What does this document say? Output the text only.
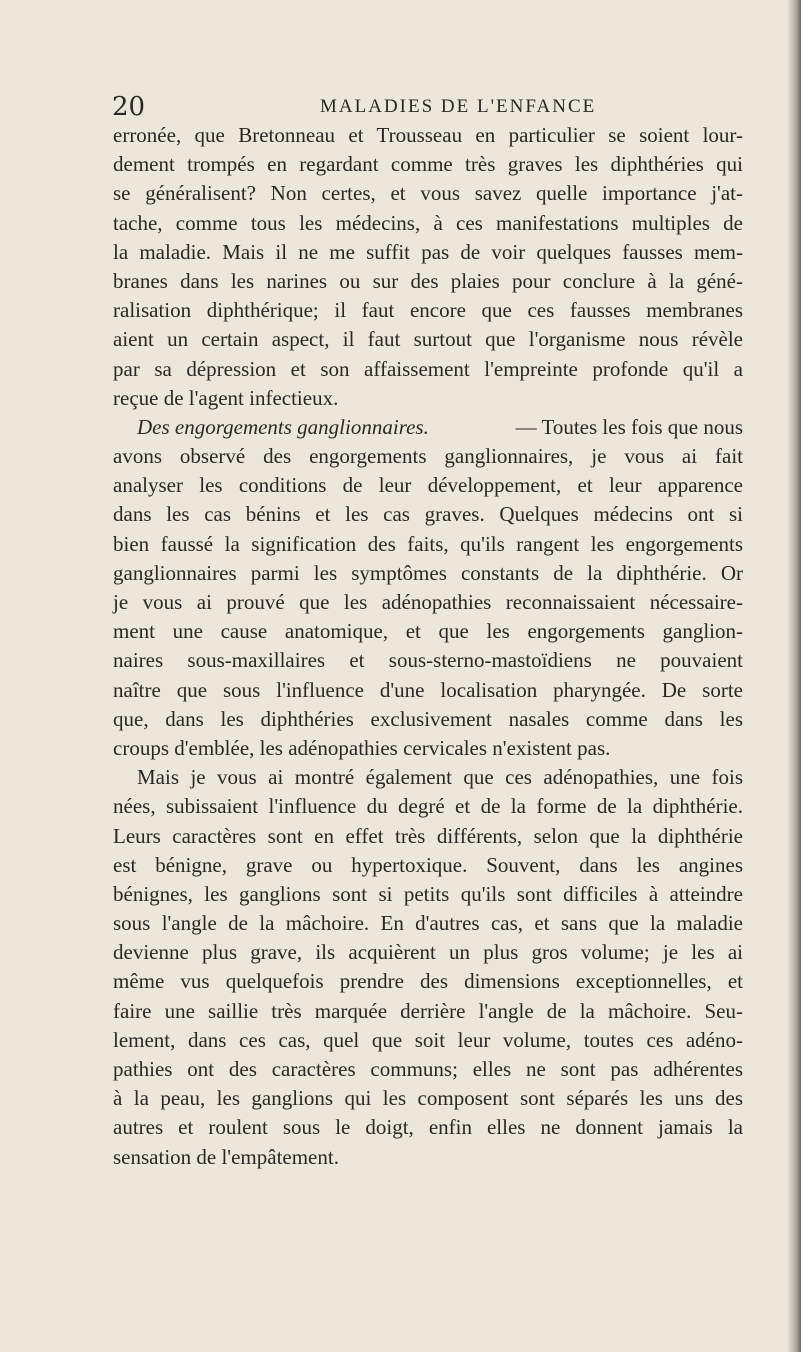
20	MALADIES DE L'ENFANCE
erronée, que Bretonneau et Trousseau en particulier se soient lour-
dement trompés en regardant comme très graves les diphthéries qui
se généralisent? Non certes, et vous savez quelle importance j'at-
tache, comme tous les médecins, à ces manifestations multiples de
la maladie. Mais il ne me suffit pas de voir quelques fausses mem-
branes dans les narines ou sur des plaies pour conclure à la géné-
ralisation diphthérique; il faut encore que ces fausses membranes
aient un certain aspect, il faut surtout que l'organisme nous révèle
par sa dépression et son affaissement l'empreinte profonde qu'il a
reçue de l'agent infectieux.
Des engorgements ganglionnaires.	— Toutes les fois que nous
avons observé des engorgements ganglionnaires, je vous ai fait
analyser les conditions de leur développement, et leur apparence
dans les cas bénins et les cas graves. Quelques médecins ont si
bien faussé la signification des faits, qu'ils rangent les engorgements
ganglionnaires parmi les symptômes constants de la diphthérie. Or
je vous ai prouvé que les adénopathies reconnaissaient nécessaire-
ment une cause anatomique, et que les engorgements ganglion-
naires sous-maxillaires et sous-sterno-mastoïdiens ne pouvaient
naître que sous l'influence d'une localisation pharyngée. De sorte
que, dans les diphthéries exclusivement nasales comme dans les
croups d'emblée, les adénopathies cervicales n'existent pas.
Mais je vous ai montré également que ces adénopathies, une fois
nées, subissaient l'influence du degré et de la forme de la diphthérie.
Leurs caractères sont en effet très différents, selon que la diphthérie
est bénigne, grave ou hypertoxique. Souvent, dans les angines
bénignes, les ganglions sont si petits qu'ils sont difficiles à atteindre
sous l'angle de la mâchoire. En d'autres cas, et sans que la maladie
devienne plus grave, ils acquièrent un plus gros volume; je les ai
même vus quelquefois prendre des dimensions exceptionnelles, et
faire une saillie très marquée derrière l'angle de la mâchoire. Seu-
lement, dans ces cas, quel que soit leur volume, toutes ces adéno-
pathies ont des caractères communs; elles ne sont pas adhérentes
à la peau, les ganglions qui les composent sont séparés les uns des
autres et roulent sous le doigt, enfin elles ne donnent jamais la
sensation de l'empâtement.
